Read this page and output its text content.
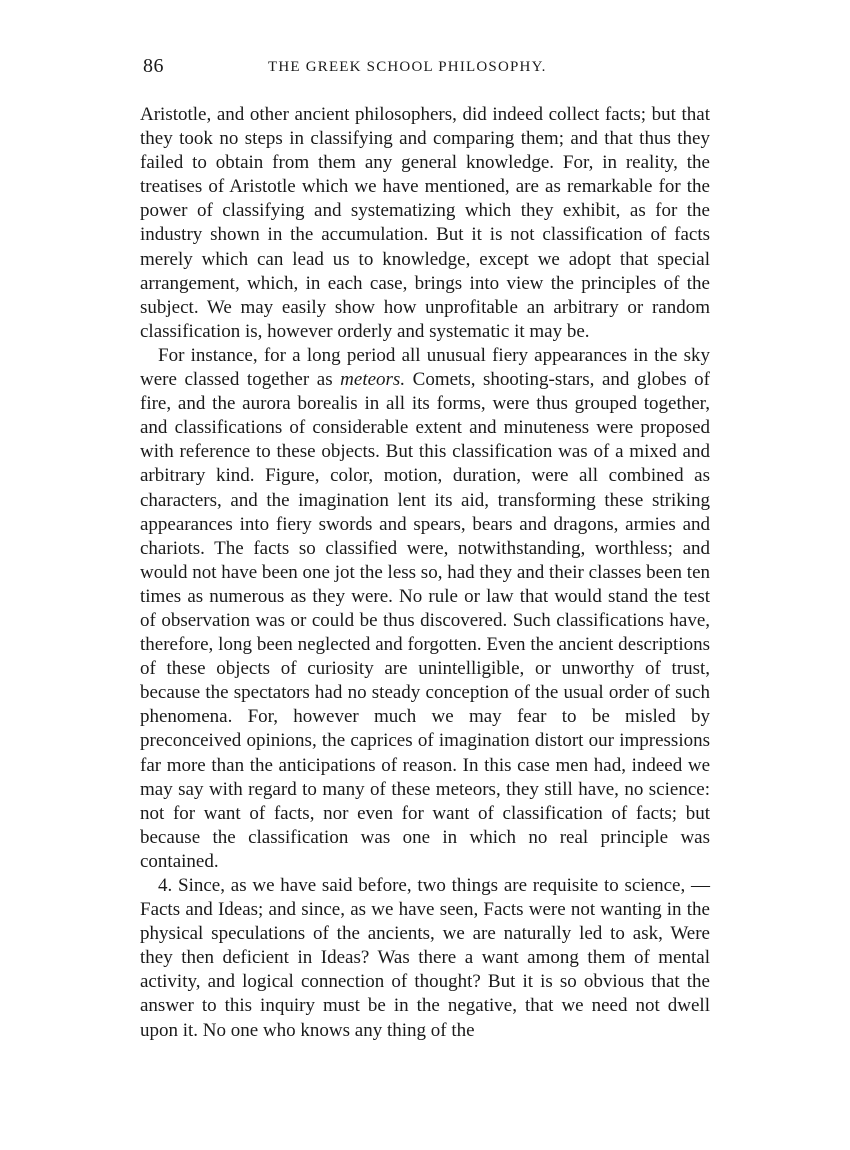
86	THE GREEK SCHOOL PHILOSOPHY.

Aristotle, and other ancient philosophers, did indeed collect facts; but that they took no steps in classifying and comparing them; and that thus they failed to obtain from them any general knowledge. For, in reality, the treatises of Aristotle which we have mentioned, are as remarkable for the power of classifying and systematizing which they exhibit, as for the industry shown in the accumulation. But it is not classification of facts merely which can lead us to knowledge, except we adopt that special arrangement, which, in each case, brings into view the principles of the subject. We may easily show how unprofitable an arbitrary or random classification is, however orderly and systematic it may be.

For instance, for a long period all unusual fiery appearances in the sky were classed together as meteors. Comets, shooting-stars, and globes of fire, and the aurora borealis in all its forms, were thus grouped together, and classifications of considerable extent and minuteness were proposed with reference to these objects. But this classification was of a mixed and arbitrary kind. Figure, color, motion, duration, were all combined as characters, and the imagination lent its aid, transforming these striking appearances into fiery swords and spears, bears and dragons, armies and chariots. The facts so classified were, notwithstanding, worthless; and would not have been one jot the less so, had they and their classes been ten times as numerous as they were. No rule or law that would stand the test of observation was or could be thus discovered. Such classifications have, therefore, long been neglected and forgotten. Even the ancient descriptions of these objects of curiosity are unintelligible, or unworthy of trust, because the spectators had no steady conception of the usual order of such phenomena. For, however much we may fear to be misled by preconceived opinions, the caprices of imagination distort our impressions far more than the anticipations of reason. In this case men had, indeed we may say with regard to many of these meteors, they still have, no science: not for want of facts, nor even for want of classification of facts; but because the classification was one in which no real principle was contained.

4. Since, as we have said before, two things are requisite to science, —Facts and Ideas; and since, as we have seen, Facts were not wanting in the physical speculations of the ancients, we are naturally led to ask, Were they then deficient in Ideas? Was there a want among them of mental activity, and logical connection of thought? But it is so obvious that the answer to this inquiry must be in the negative, that we need not dwell upon it. No one who knows any thing of the
